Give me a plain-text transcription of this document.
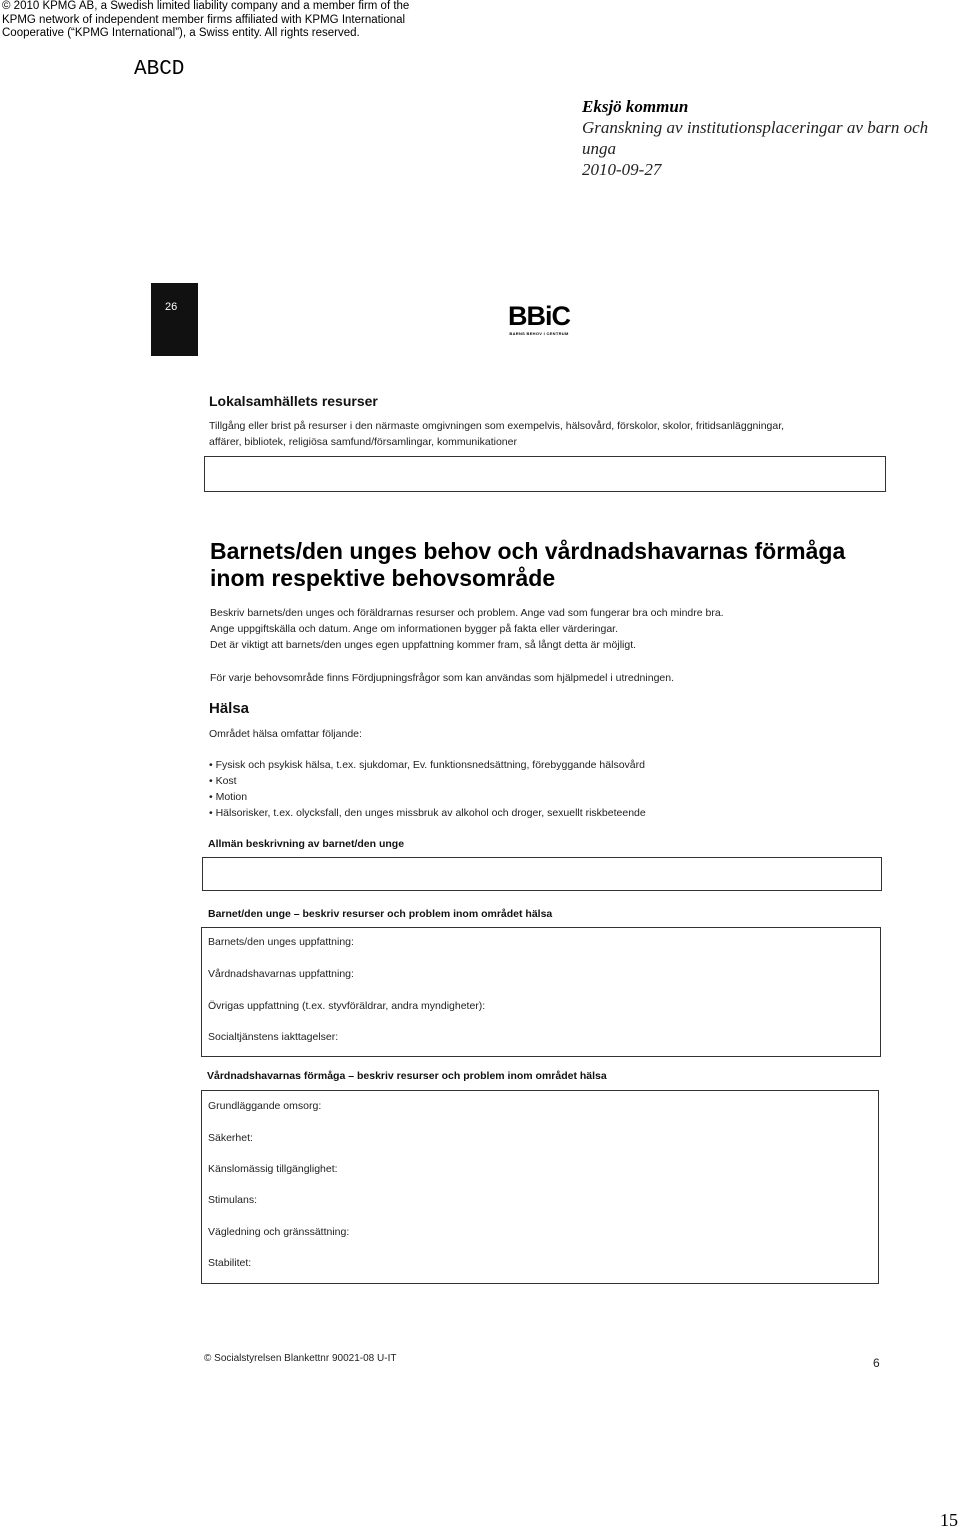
© 2010 KPMG AB, a Swedish limited liability company and a member firm of the
KPMG network of independent member firms affiliated with KPMG International
Cooperative (“KPMG International”), a Swiss entity. All rights reserved.
ABCD
Eksjö kommun
Granskning av institutionsplaceringar av barn och
unga
2010-09-27
26	BBiC
BARNS BEHOV I CENTRUM
Lokalsamhällets resurser
Tillgång eller brist på resurser i den närmaste omgivningen som exempelvis, hälsovård, förskolor, skolor, fritidsanläggningar,
affärer, bibliotek, religiösa samfund/församlingar, kommunikationer
Barnets/den unges behov och vårdnadshavarnas förmåga
inom respektive behovsområde
Beskriv barnets/den unges och föräldrarnas resurser och problem. Ange vad som fungerar bra och mindre bra.
Ange uppgiftskälla och datum. Ange om informationen bygger på fakta eller värderingar.
Det är viktigt att barnets/den unges egen uppfattning kommer fram, så långt detta är möjligt.
För varje behovsområde finns Fördjupningsfrågor som kan användas som hjälpmedel i utredningen.
Hälsa
Området hälsa omfattar följande:
• Fysisk och psykisk hälsa, t.ex. sjukdomar, Ev. funktionsnedsättning, förebyggande hälsovård
• Kost
• Motion
• Hälsorisker, t.ex. olycksfall, den unges missbruk av alkohol och droger, sexuellt riskbeteende
Allmän beskrivning av barnet/den unge
Barnet/den unge – beskriv resurser och problem inom området hälsa
Barnets/den unges uppfattning:
Vårdnadshavarnas uppfattning:
Övrigas uppfattning (t.ex. styvföräldrar, andra myndigheter):
Socialtjänstens iakttagelser:
Vårdnadshavarnas förmåga – beskriv resurser och problem inom området hälsa
Grundläggande omsorg:
Säkerhet:
Känslomässig tillgänglighet:
Stimulans:
Vägledning och gränssättning:
Stabilitet:
© Socialstyrelsen Blankettnr 90021-08 U-IT	6
15
